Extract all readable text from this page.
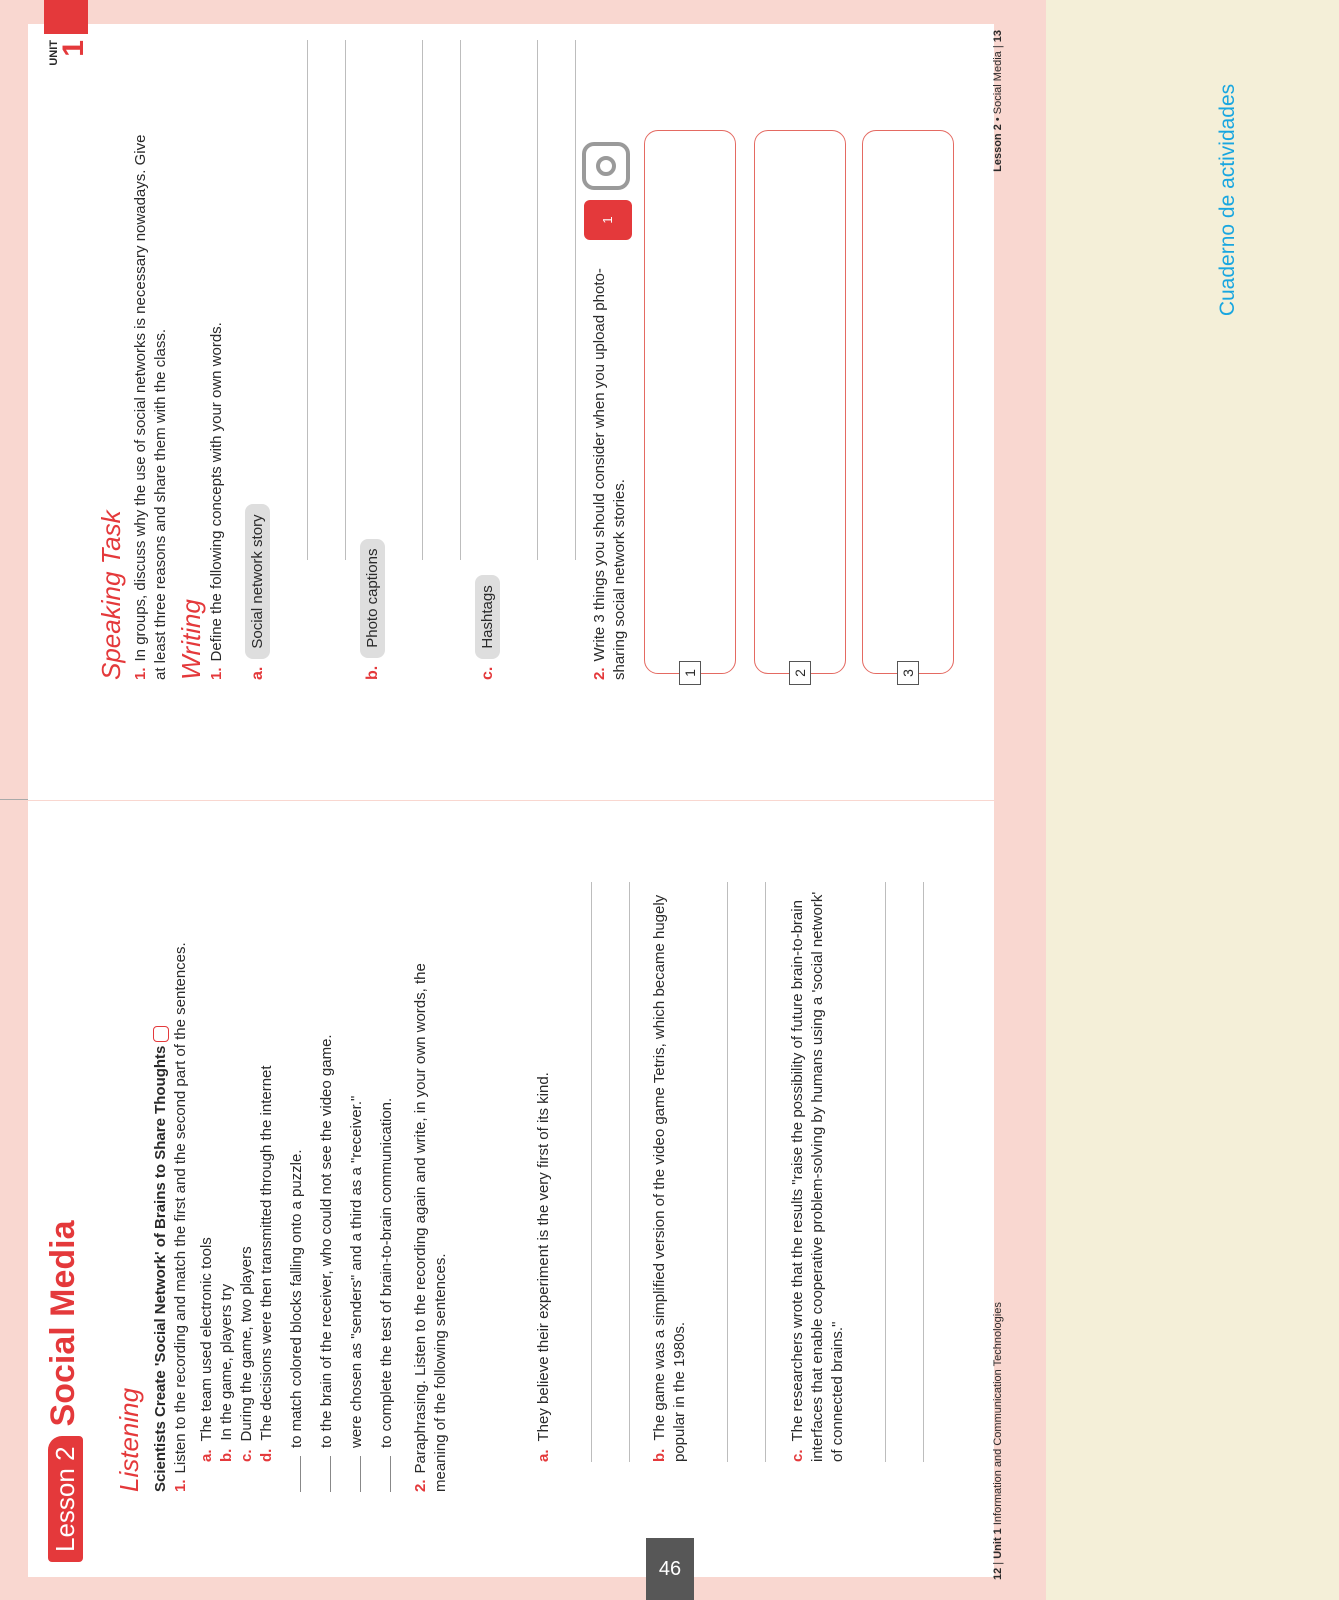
Cuaderno de actividades
UNIT
1
Speaking Task 1.In groups, discuss why the use of social networks is necessary nowadays. Give at least three reasons and share them with the class. Writing 1.Define the following concepts with your own words.
a.Social network story
b.Photo captions
c.Hashtags
2.Write 3 things you should consider when you upload photo-sharing social network stories.
1
1	2	3
Lesson 2 • Social Media | 13
Lesson 2Social Media
Listening Scientists Create 'Social Network' of Brains to Share Thoughts 1.Listen to the recording and match the first and the second part of the sentences. a.The team used electronic tools
b.In the game, players try
c.During the game, two players
d.The decisions were then transmitted through the internet to match colored blocks falling onto a puzzle. to the brain of the receiver, who could not see the video game. were chosen as "senders" and a third as a "receiver." to complete the test of brain-to-brain communication.
2.Paraphrasing. Listen to the recording again and write, in your own words, the meaning of the following sentences.	a.They believe their experiment is the very first of its kind.
b.The game was a simplified version of the video game Tetris, which became hugely popular in the 1980s.	c.The researchers wrote that the results "raise the possibility of future brain-to-brain interfaces that enable cooperative problem-solving by humans using a 'social network' of connected brains."
12 | Unit 1 Information and Communication Technologies
46
